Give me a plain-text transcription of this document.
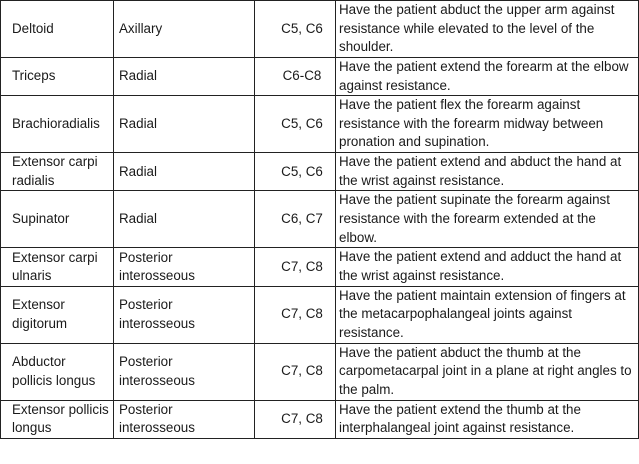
Deltoid	Axillary	C5, C6	Have the patient abduct the upper arm against resistance while elevated to the level of the shoulder.
Triceps	Radial	C6-C8	Have the patient extend the forearm at the elbow against resistance.
Brachioradialis	Radial	C5, C6	Have the patient flex the forearm against resistance with the forearm midway between pronation and supination.
Extensor carpi radialis	Radial	C5, C6	Have the patient extend and abduct the hand at the wrist against resistance.
Supinator	Radial	C6, C7	Have the patient supinate the forearm against resistance with the forearm extended at the elbow.
Extensor carpi ulnaris	Posterior interosseous	C7, C8	Have the patient extend and adduct the hand at the wrist against resistance.
Extensor digitorum	Posterior interosseous	C7, C8	Have the patient maintain extension of fingers at the metacarpophalangeal joints against resistance.
Abductor pollicis longus	Posterior interosseous	C7, C8	Have the patient abduct the thumb at the carpometacarpal joint in a plane at right angles to the palm.
Extensor pollicis longus	Posterior interosseous	C7, C8	Have the patient extend the thumb at the interphalangeal joint against resistance.
